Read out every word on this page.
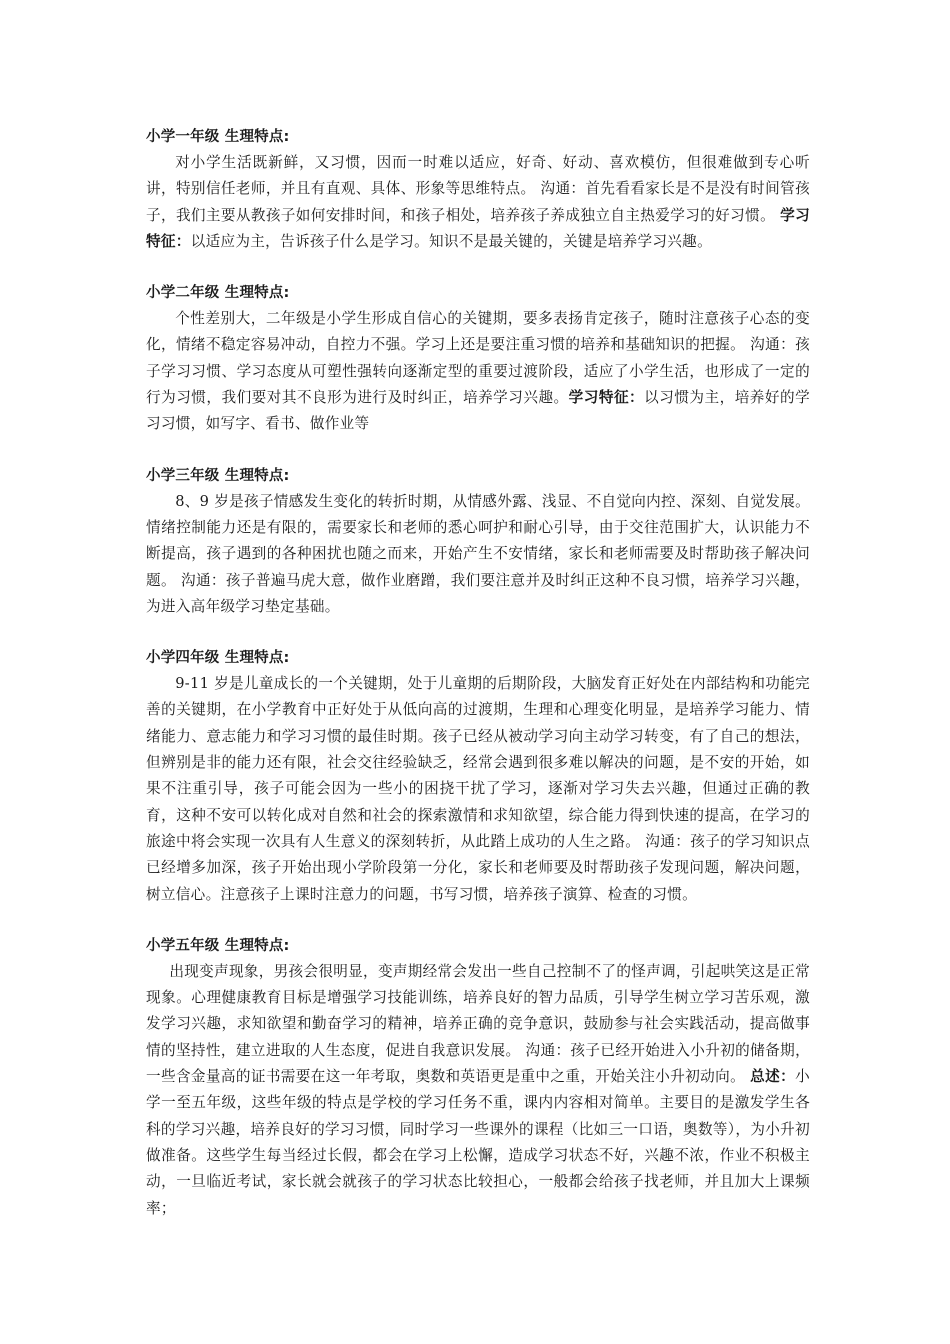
小学一年级 生理特点:

对小学生活既新鲜，又习惯，因而一时难以适应，好奇、好动、喜欢模仿，但很难做到专心听讲，特别信任老师，并且有直观、具体、形象等思维特点。 沟通：首先看看家长是不是没有时间管孩子，我们主要从教孩子如何安排时间，和孩子相处，培养孩子养成独立自主热爱学习的好习惯。 学习特征：以适应为主，告诉孩子什么是学习。知识不是最关键的，关键是培养学习兴趣。

小学二年级 生理特点:

个性差别大，二年级是小学生形成自信心的关键期，要多表扬肯定孩子，随时注意孩子心态的变化，情绪不稳定容易冲动，自控力不强。学习上还是要注重习惯的培养和基础知识的把握。 沟通：孩子学习习惯、学习态度从可塑性强转向逐渐定型的重要过渡阶段，适应了小学生活，也形成了一定的行为习惯，我们要对其不良形为进行及时纠正，培养学习兴趣。学习特征：以习惯为主，培养好的学习习惯，如写字、看书、做作业等

小学三年级 生理特点:

8、9 岁是孩子情感发生变化的转折时期，从情感外露、浅显、不自觉向内控、深刻、自觉发展。情绪控制能力还是有限的，需要家长和老师的悉心呵护和耐心引导，由于交往范围扩大，认识能力不断提高，孩子遇到的各种困扰也随之而来，开始产生不安情绪，家长和老师需要及时帮助孩子解决问题。 沟通：孩子普遍马虎大意，做作业磨蹭，我们要注意并及时纠正这种不良习惯，培养学习兴趣，为进入高年级学习垫定基础。

小学四年级 生理特点:

9-11 岁是儿童成长的一个关键期，处于儿童期的后期阶段，大脑发育正好处在内部结构和功能完善的关键期，在小学教育中正好处于从低向高的过渡期，生理和心理变化明显，是培养学习能力、情绪能力、意志能力和学习习惯的最佳时期。孩子已经从被动学习向主动学习转变，有了自己的想法，但辨别是非的能力还有限，社会交往经验缺乏，经常会遇到很多难以解决的问题，是不安的开始，如果不注重引导，孩子可能会因为一些小的困挠干扰了学习，逐渐对学习失去兴趣，但通过正确的教育，这种不安可以转化成对自然和社会的探索激情和求知欲望，综合能力得到快速的提高，在学习的旅途中将会实现一次具有人生意义的深刻转折，从此踏上成功的人生之路。 沟通：孩子的学习知识点已经增多加深，孩子开始出现小学阶段第一分化，家长和老师要及时帮助孩子发现问题，解决问题，树立信心。注意孩子上课时注意力的问题，书写习惯，培养孩子演算、检查的习惯。

小学五年级 生理特点:

出现变声现象，男孩会很明显，变声期经常会发出一些自己控制不了的怪声调，引起哄笑这是正常现象。心理健康教育目标是增强学习技能训练，培养良好的智力品质，引导学生树立学习苦乐观，激发学习兴趣，求知欲望和勤奋学习的精神，培养正确的竞争意识，鼓励参与社会实践活动，提高做事情的坚持性，建立进取的人生态度，促进自我意识发展。 沟通：孩子已经开始进入小升初的储备期，一些含金量高的证书需要在这一年考取，奥数和英语更是重中之重，开始关注小升初动向。 总述：小学一至五年级，这些年级的特点是学校的学习任务不重，课内内容相对简单。主要目的是激发学生各科的学习兴趣，培养良好的学习习惯，同时学习一些课外的课程（比如三一口语，奥数等），为小升初做准备。这些学生每当经过长假，都会在学习上松懈，造成学习状态不好，兴趣不浓，作业不积极主动，一旦临近考试，家长就会就孩子的学习状态比较担心，一般都会给孩子找老师，并且加大上课频率；
